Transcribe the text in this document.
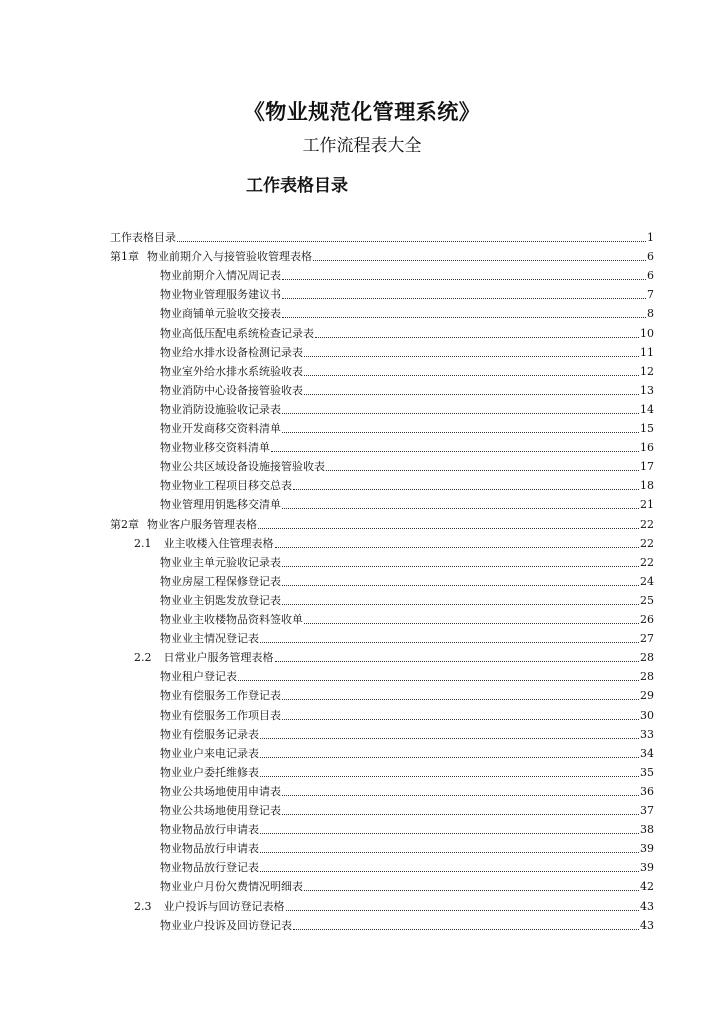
《物业规范化管理系统》
工作流程表大全
工作表格目录
工作表格目录	1
第1章 物业前期介入与接管验收管理表格	6
物业前期介入情况周记表	6
物业物业管理服务建议书	7
物业商铺单元验收交接表	8
物业高低压配电系统检查记录表	10
物业给水排水设备检测记录表	11
物业室外给水排水系统验收表	12
物业消防中心设备接管验收表	13
物业消防设施验收记录表	14
物业开发商移交资料清单	15
物业物业移交资料清单	16
物业公共区域设备设施接管验收表	17
物业物业工程项目移交总表	18
物业管理用钥匙移交清单	21
第2章 物业客户服务管理表格	22
2.1 业主收楼入住管理表格	22
物业业主单元验收记录表	22
物业房屋工程保修登记表	24
物业业主钥匙发放登记表	25
物业业主收楼物品资料签收单	26
物业业主情况登记表	27
2.2 日常业户服务管理表格	28
物业租户登记表	28
物业有偿服务工作登记表	29
物业有偿服务工作项目表	30
物业有偿服务记录表	33
物业业户来电记录表	34
物业业户委托维修表	35
物业公共场地使用申请表	36
物业公共场地使用登记表	37
物业物品放行申请表	38
物业物品放行申请表	39
物业物品放行登记表	39
物业业户月份欠费情况明细表	42
2.3 业户投诉与回访登记表格	43
物业业户投诉及回访登记表	43
